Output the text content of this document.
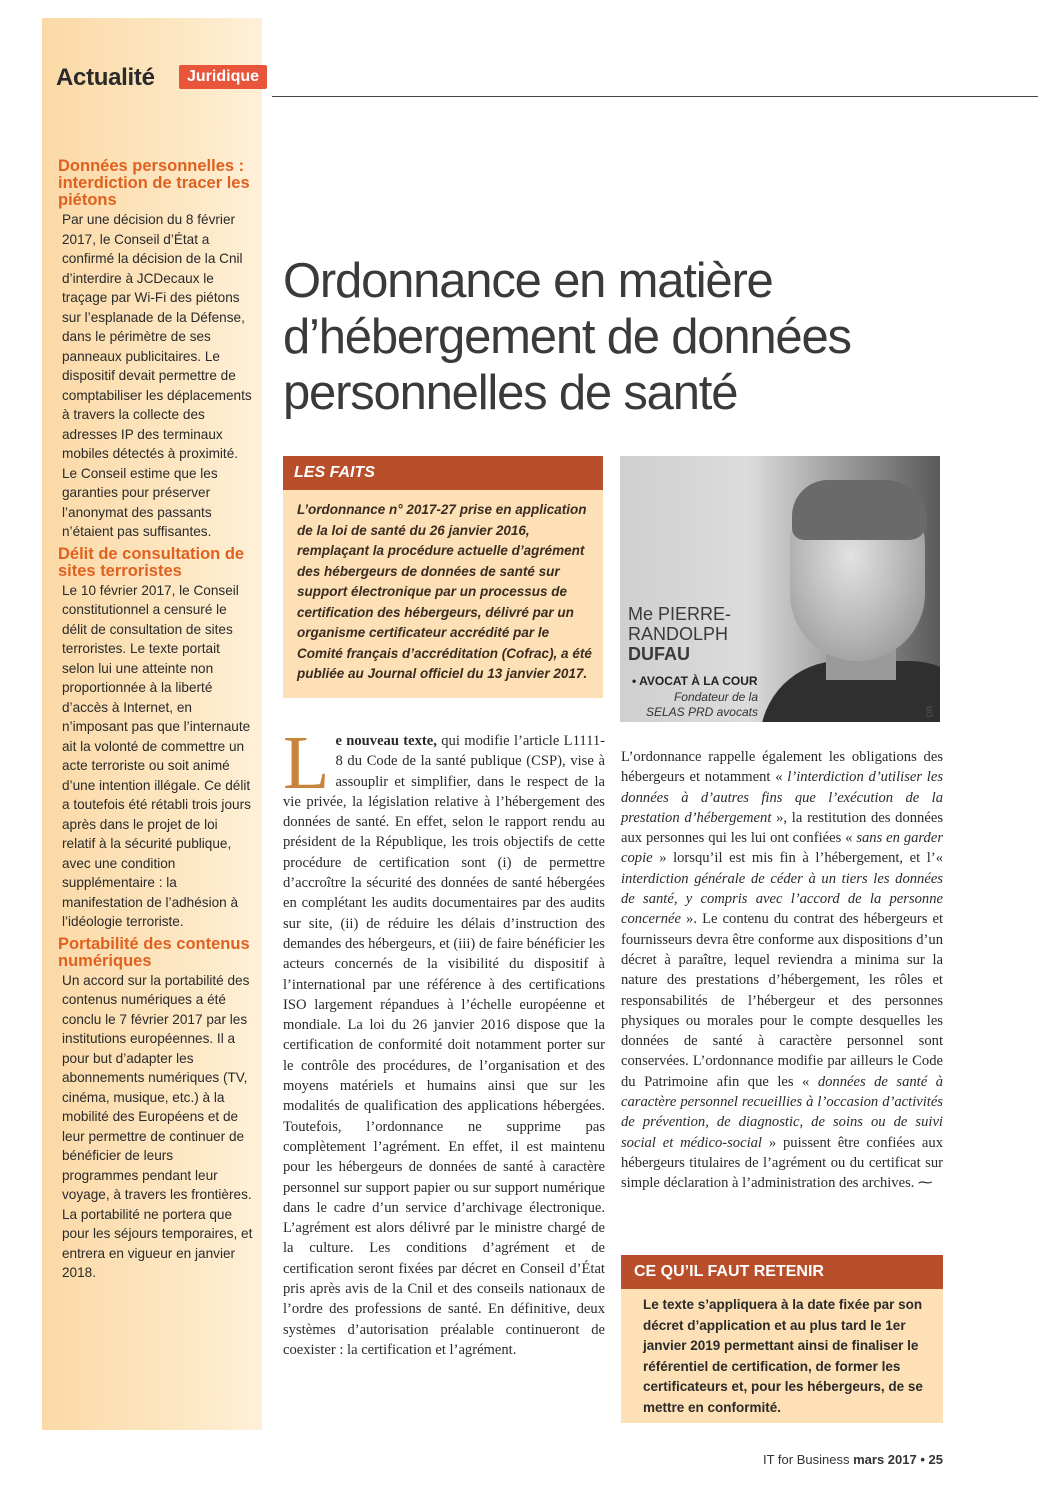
Données personnelles : interdiction de tracer les piétons
Par une décision du 8 février 2017, le Conseil d’État a confirmé la décision de la Cnil d’interdire à JCDecaux le traçage par Wi-Fi des piétons sur l’esplanade de la Défense, dans le périmètre de ses panneaux publicitaires. Le dispositif devait permettre de comptabiliser les déplacements à travers la collecte des adresses IP des terminaux mobiles détectés à proximité. Le Conseil estime que les garanties pour préserver l’anonymat des passants n’étaient pas suffisantes.
Délit de consultation de sites terroristes
Le 10 février 2017, le Conseil constitutionnel a censuré le délit de consultation de sites terroristes. Le texte portait selon lui une atteinte non proportionnée à la liberté d’accès à Internet, en n’imposant pas que l’internaute ait la volonté de commettre un acte terroriste ou soit animé d’une intention illégale. Ce délit a toutefois été rétabli trois jours après dans le projet de loi relatif à la sécurité publique, avec une condition supplémentaire : la manifestation de l’adhésion à l’idéologie terroriste.
Portabilité des contenus numériques
Un accord sur la portabilité des contenus numériques a été conclu le 7 février 2017 par les institutions européennes. Il a pour but d’adapter les abonnements numériques (TV, cinéma, musique, etc.) à la mobilité des Européens et de leur permettre de continuer de bénéficier de leurs programmes pendant leur voyage, à travers les frontières. La portabilité ne portera que pour les séjours temporaires, et entrera en vigueur en janvier 2018.
Actualité	Juridique
Ordonnance en matière d’hébergement de données personnelles de santé
LES FAITS
L’ordonnance n° 2017-27 prise en application de la loi de santé du 26 janvier 2016, remplaçant la procédure actuelle d’agrément des hébergeurs de données de santé sur support électronique par un processus de certification des hébergeurs, délivré par un organisme certificateur accrédité par le Comité français d’accréditation (Cofrac), a été publiée au Journal officiel du 13 janvier 2017.
Me PIERRE-
RANDOLPH
DUFAU
• AVOCAT À LA COUR
Fondateur de la
SELAS PRD avocats	DR

Le nouveau texte, qui modifie l’article L1111-8 du Code de la santé publique (CSP), vise à assouplir et simplifier, dans le respect de la vie privée, la législation relative à l’hébergement des données de santé. En effet, selon le rapport rendu au président de la République, les trois objectifs de cette procédure de certification sont (i) de permettre d’accroître la sécurité des données de santé hébergées en complétant les audits documentaires par des audits sur site, (ii) de réduire les délais d’instruction des demandes des hébergeurs, et (iii) de faire bénéficier les acteurs concernés de la visibilité du dispositif à l’international par une référence à des certifications ISO largement répandues à l’échelle européenne et mondiale. La loi du 26 janvier 2016 dispose que la certification de conformité doit notamment porter sur le contrôle des procédures, de l’organisation et des moyens matériels et humains ainsi que sur les modalités de qualification des applications hébergées. Toutefois, l’ordonnance ne supprime pas complètement l’agrément. En effet, il est maintenu pour les hébergeurs de données de santé à caractère personnel sur support papier ou sur support numérique dans le cadre d’un service d’archivage électronique. L’agrément est alors délivré par le ministre chargé de la culture. Les conditions d’agrément et de certification seront fixées par décret en Conseil d’État pris après avis de la Cnil et des conseils nationaux de l’ordre des professions de santé. En définitive, deux systèmes d’autorisation préalable continueront de coexister : la certification et l’agrément.

L’ordonnance rappelle également les obligations des hébergeurs et notamment « l’interdiction d’utiliser les données à d’autres fins que l’exécution de la prestation d’hébergement », la restitution des données aux personnes qui les lui ont confiées « sans en garder copie » lorsqu’il est mis fin à l’hébergement, et l’« interdiction générale de céder à un tiers les données de santé, y compris avec l’accord de la personne concernée ». Le contenu du contrat des hébergeurs et fournisseurs devra être conforme aux dispositions d’un décret à paraître, lequel reviendra a minima sur la nature des prestations d’hébergement, les rôles et responsabilités de l’hébergeur et des personnes physiques ou morales pour le compte desquelles les données de santé à caractère personnel sont conservées. L’ordonnance modifie par ailleurs le Code du Patrimoine afin que les « données de santé à caractère personnel recueillies à l’occasion d’activités de prévention, de diagnostic, de soins ou de suivi social et médico-social » puissent être confiées aux hébergeurs titulaires de l’agrément ou du certificat sur simple déclaration à l’administration des archives. ⁓

CE QU’IL FAUT RETENIR
Le texte s’appliquera à la date fixée par son décret d’application et au plus tard le 1er janvier 2019 permettant ainsi de finaliser le référentiel de certification, de former les certificateurs et, pour les hébergeurs, de se mettre en conformité.
IT for Business mars 2017 • 25
